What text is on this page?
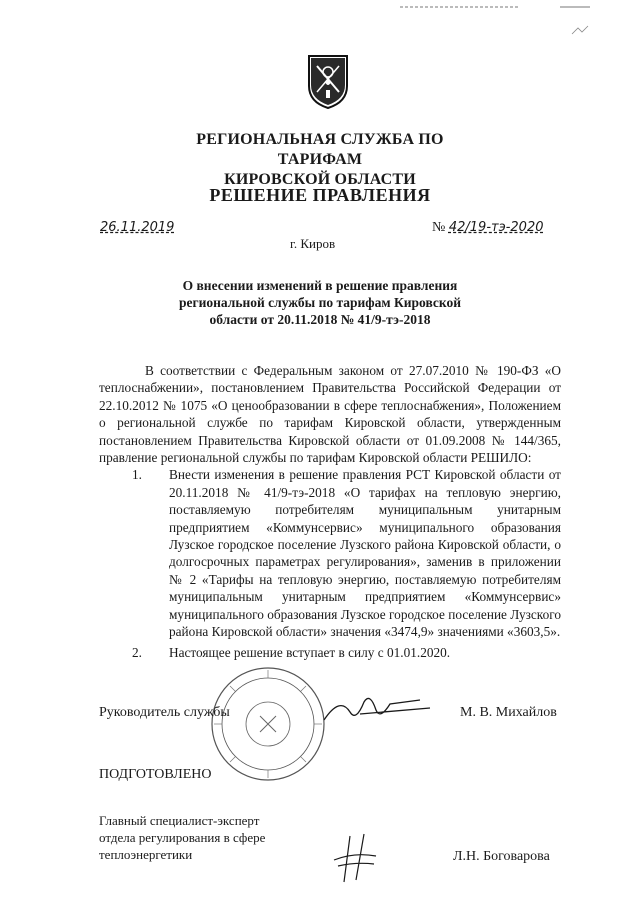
РЕГИОНАЛЬНАЯ СЛУЖБА ПО ТАРИФАМ
КИРОВСКОЙ ОБЛАСТИ
РЕШЕНИЕ ПРАВЛЕНИЯ
26.11.2019	№ 42/19-тэ-2020
г. Киров
О внесении изменений в решение правления
региональной службы по тарифам Кировской
области от 20.11.2018 № 41/9-тэ-2018

В соответствии с Федеральным законом от 27.07.2010 № 190-ФЗ «О теплоснабжении», постановлением Правительства Российской Федерации от 22.10.2012 № 1075 «О ценообразовании в сфере теплоснабжения», Положением о региональной службе по тарифам Кировской области, утвержденным постановлением Правительства Кировской области от 01.09.2008 № 144/365, правление региональной службы по тарифам Кировской области РЕШИЛО:

1.	Внести изменения в решение правления РСТ Кировской области от 20.11.2018 № 41/9-тэ-2018 «О тарифах на тепловую энергию, поставляемую потребителям муниципальным унитарным предприятием «Коммунсервис» муниципального образования Лузское городское поселение Лузского района Кировской области, о долгосрочных параметрах регулирования», заменив в приложении № 2 «Тарифы на тепловую энергию, поставляемую потребителям муниципальным унитарным предприятием «Коммунсервис» муниципального образования Лузское городское поселение Лузского района Кировской области» значения «3474,9» значениями «3603,5».
2.	Настоящее решение вступает в силу с 01.01.2020.
Руководитель службы	М. В. Михайлов
ПОДГОТОВЛЕНО
Главный специалист-эксперт
отдела регулирования в сфере
теплоэнергетики	Л.Н. Боговарова
